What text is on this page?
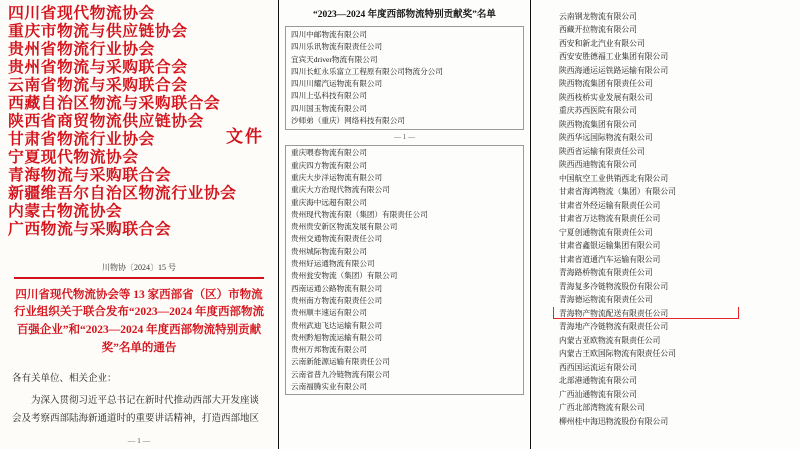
四川省现代物流协会
重庆市物流与供应链协会
贵州省物流行业协会
贵州省物流与采购联合会
云南省物流与采购联合会
西藏自治区物流与采购联合会
陕西省商贸物流供应链协会
甘肃省物流行业协会
宁夏现代物流协会
青海物流与采购联合会
新疆维吾尔自治区物流行业协会
内蒙古物流协会
广西物流与采购联合会
文件
川物协〔2024〕15 号
四川省现代物流协会等 13 家西部省（区）市物流行业组织关于联合发布“2023—2024 年度西部物流百强企业”和“2023—2024 年度西部物流特别贡献奖”名单的通告

各有关单位、相关企业：

为深入贯彻习近平总书记在新时代推动西部大开发座谈会及考察西部陆海新通道时的重要讲话精神，打造西部地区

— 1 —
“2023—2024 年度西部物流特别贡献奖”名单
四川中邮物流有限公司
四川乐讯物流有限责任公司
宜宾天driver物流有限公司
四川长虹永乐富立工程原有限公司物流分公司
四川川耀汽运物流有限公司
四川上弘科技有限公司
四川国玉物流有限公司
沙师弟（重庆）网络科技有限公司
— 1 —
重庆喂春物流有限公司
重庆四方物流有限公司
重庆大步洋运物流有限公司
重庆大方治现代物流有限公司
重庆海中远超有限公司
贵州现代物流有限（集团）有限责任公司
贵州贵安新区物流发展有限公司
贵州交通物流有限责任公司
贵州城际物流有限公司
贵州好运通物流有限公司
贵州瓮安物流（集团）有限公司
西南运通公路物流有限公司
贵州南方物流有限责任公司
贵州顺丰速运有限公司
贵州武迪飞达运输有限公司
贵州黔旭物流运输有限公司
贵州万邦物流有限公司
云南新能源运输有限责任公司
云南省普九冷链物流有限公司
云南福腾实业有限公司
云南钢龙物流有限公司
西藏开拉物流有限公司
西安和新北汽业有限公司
西安安胜德福工业集团有限公司
陕西海通运运铁路运输有限公司
陕西物流集团有限责任公司
陕西枝桥实业发展有限公司
重庆苏西医院有限公司
陕西物流集团有限公司
陕西华远国际物流有限公司
陕西省运输有限责任公司
陕西西迪物流有限公司
中国航空工业供销西北有限公司
甘肃省海鸿物流（集团）有限公司
甘肃省外经运输有限责任公司
甘肃省万达物流有限责任公司
宁夏创通物流有限责任公司
甘肃省鑫银运输集团有限公司
甘肃省道通汽车运输有限公司
青海路桥物流有限责任公司
青海复多冷链物流股份有限公司
青海德运物流有限责任公司
青海物产物流配送有限责任公司
青海地产冷链物流有限责任公司
内蒙古亚欧物流有限责任公司
内蒙古王欧国际物流有限责任公司
西西国运流运有限公司
北部港通物流有限公司
广西汕通物流有限公司
广西北部湾物流有限公司
柳州桂中海迅物流股份有限公司
